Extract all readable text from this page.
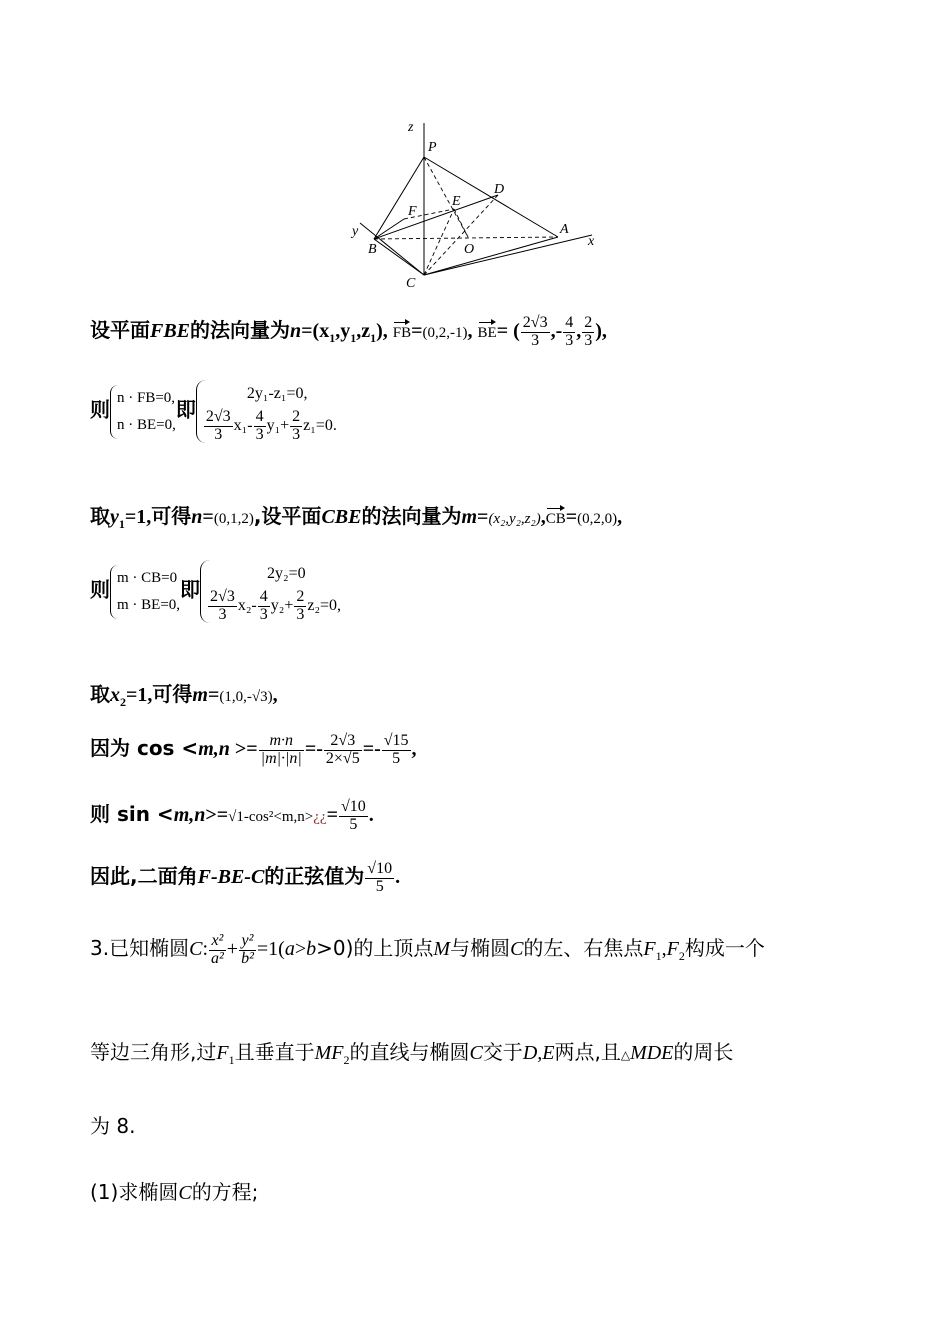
z
P
D
E
F
y
B	O
A
x
C
设平面FBE的法向量为$n=(x_1,y_1,z_1)$, FB=(0,2,-1), BE= ( $\frac{2√3}{3}$ ,- $\frac{4}{3}$ , $\frac{2}{3}$ ),
则 n · FB=0,
n · BE=0,
即
2y₁-z₁=0,
$\frac{2√3}{3} x_1- \frac{4}{3} y_1+ \frac{2}{3} z_1=0$.
取$y_1=1$,可得n=(0,1,2),设平面CBE的法向量为m=(x₂,y₂,z₂),CB=(0,2,0),
则 m · CB=0
m · BE=0,
即
2y₂=0
$\frac{2√3}{3} x_2- \frac{4}{3} y_2+ \frac{2}{3} z_2=0$,
取$x_2=1$,可得m=(1,0,-√3),
因为 $\cos <m,n >= \frac{m\cdot n}{|m|\cdot|n|} =- \frac{2√3}{2\times√5} =- \frac{√15}{5}$ ,
则 sin <m,n>=√1-cos²<m,n>¿¿= $\frac{√10}{5}$ .
因此,二面角F-BE-C的正弦值为 $\frac{√10}{5}$ .
3.已知椭圆C: $\frac{\text{x²}}{\text{a²}} + \frac{\text{y²}}{\text{b²}} =1(a>b>0)$的上顶点M与椭圆C的左、右焦点$F_1,F_2$构成一个
等边三角形,过$F_1$且垂直于$MF_2$的直线与椭圆C交于D,E两点,且△MDE的周长
为 8.
(1)求椭圆C的方程;
